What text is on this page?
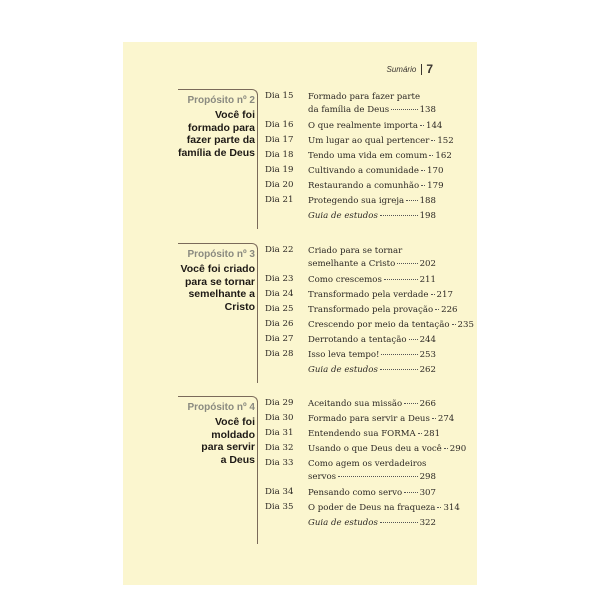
Sumário 7
Propósito nº 2
Você foi
formado para
fazer parte da
família de Deus
Dia 15	Formado para fazer parte
da família de Deus	138
Dia 16	O que realmente importa 144
Dia 17	Um lugar ao qual pertencer 152
Dia 18	Tendo uma vida em comum 162
Dia 19	Cultivando a comunidade 170
Dia 20	Restaurando a comunhão 179
Dia 21	Protegendo sua igreja 188
Guia de estudos	198
Propósito nº 3
Você foi criado
para se tornar
semelhante a
Cristo
Dia 22	Criado para se tornar
semelhante a Cristo	202
Dia 23	Como crescemos	211
Dia 24	Transformado pela verdade 217
Dia 25	Transformado pela provação 226
Dia 26	Crescendo por meio da tentação 235
Dia 27	Derrotando a tentação 244
Dia 28	Isso leva tempo!	253
Guia de estudos	262
Propósito nº 4
Você foi
moldado
para servir
a Deus
Dia 29	Aceitando sua missão 266
Dia 30	Formado para servir a Deus 274
Dia 31	Entendendo sua FORMA 281
Dia 32	Usando o que Deus deu a você 290
Dia 33	Como agem os verdadeiros
servos	298
Dia 34	Pensando como servo 307
Dia 35	O poder de Deus na fraqueza 314
Guia de estudos	322
